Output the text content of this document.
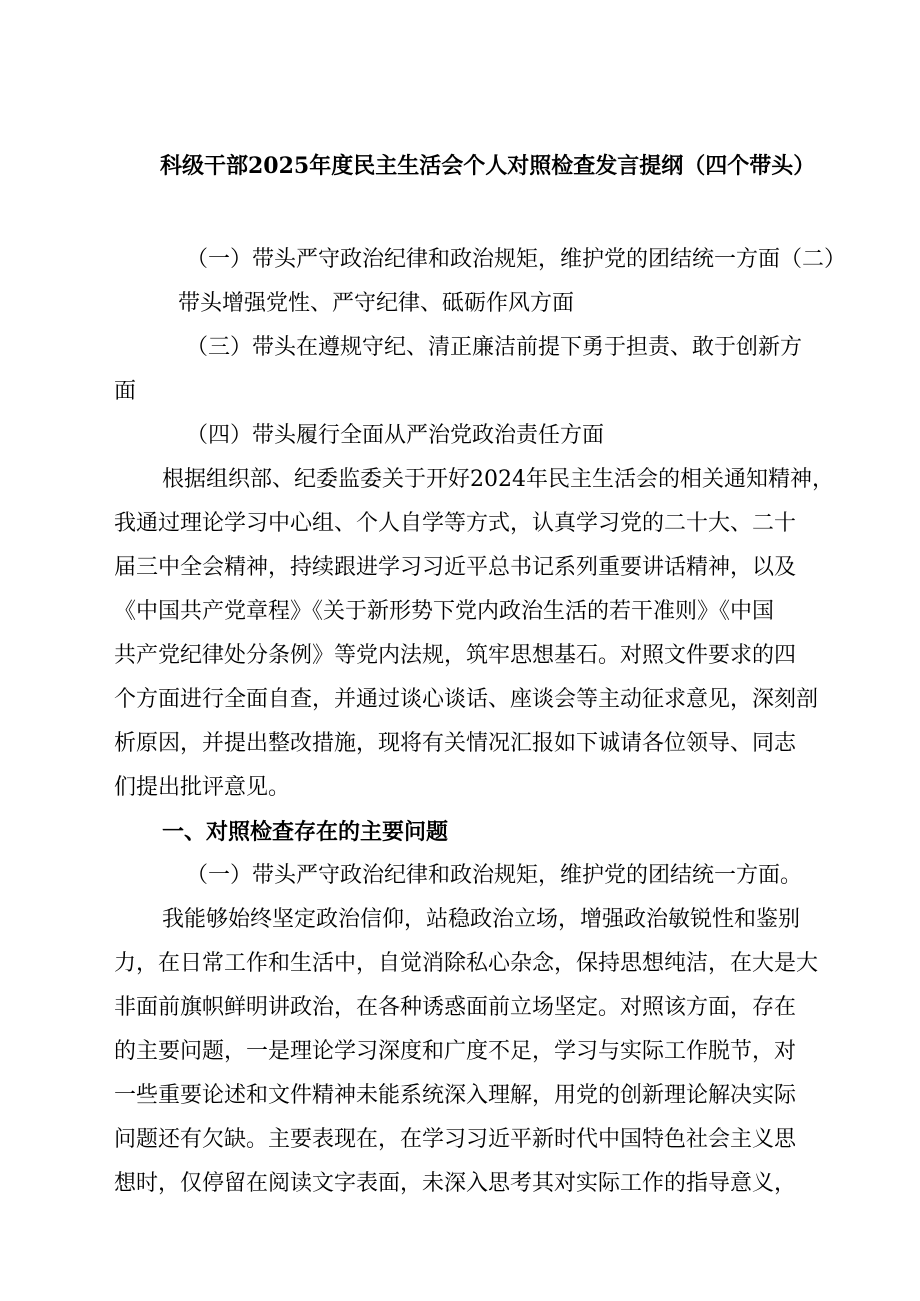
科级干部2025年度民主生活会个人对照检查发言提纲（四个带头）
（一）带头严守政治纪律和政治规矩，维护党的团结统一方面（二）
带头增强党性、严守纪律、砥砺作风方面
（三）带头在遵规守纪、清正廉洁前提下勇于担责、敢于创新方
面
（四）带头履行全面从严治党政治责任方面
根据组织部、纪委监委关于开好2024年民主生活会的相关通知精神，
我通过理论学习中心组、个人自学等方式，认真学习党的二十大、二十
届三中全会精神，持续跟进学习习近平总书记系列重要讲话精神，以及
《中国共产党章程》《关于新形势下党内政治生活的若干准则》《中国
共产党纪律处分条例》等党内法规，筑牢思想基石。对照文件要求的四
个方面进行全面自查，并通过谈心谈话、座谈会等主动征求意见，深刻剖
析原因，并提出整改措施，现将有关情况汇报如下诚请各位领导、同志
们提出批评意见。
一、对照检查存在的主要问题
（一）带头严守政治纪律和政治规矩，维护党的团结统一方面。
我能够始终坚定政治信仰，站稳政治立场，增强政治敏锐性和鉴别
力，在日常工作和生活中，自觉消除私心杂念，保持思想纯洁，在大是大
非面前旗帜鲜明讲政治，在各种诱惑面前立场坚定。对照该方面，存在
的主要问题，一是理论学习深度和广度不足，学习与实际工作脱节，对
一些重要论述和文件精神未能系统深入理解，用党的创新理论解决实际
问题还有欠缺。主要表现在，在学习习近平新时代中国特色社会主义思
想时，仅停留在阅读文字表面，未深入思考其对实际工作的指导意义，
